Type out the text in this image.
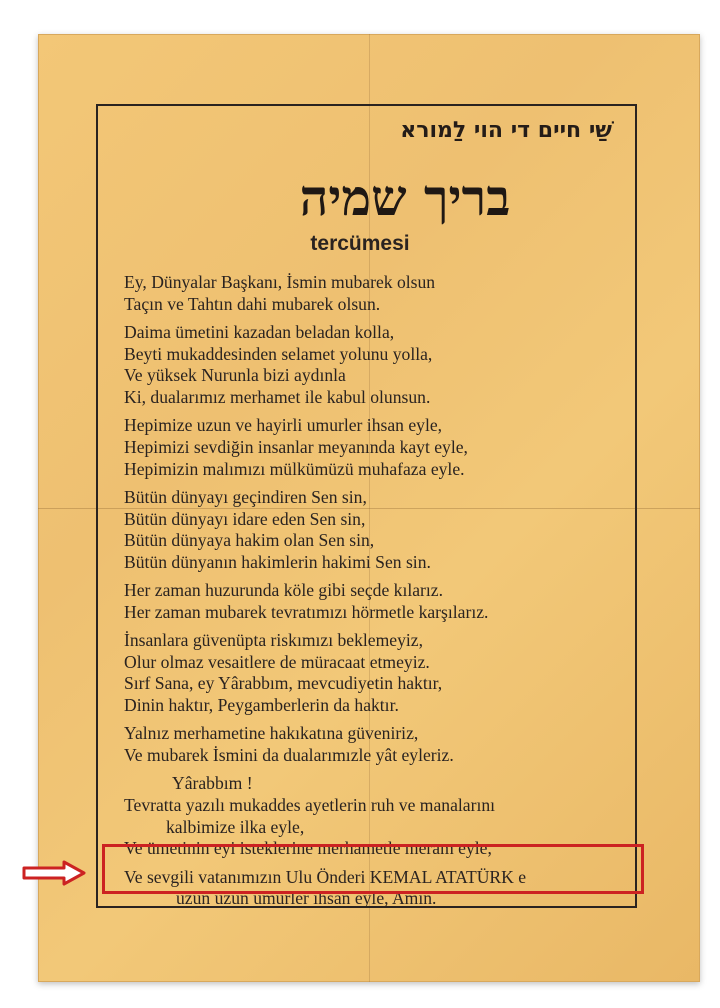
שַׁי חיים די הוי לַמורא
בריך שמיה
tercümesi
Ey, Dünyalar Başkanı, İsmin mubarek olsun
Taçın ve Tahtın dahi mubarek olsun.
Daima ümetini kazadan beladan kolla,
Beyti mukaddesinden selamet yolunu yolla,
Ve yüksek Nurunla bizi aydınla
Ki, dualarımız merhamet ile kabul olunsun.
Hepimize uzun ve hayirli umurler ihsan eyle,
Hepimizi sevdiğin insanlar meyanında kayt eyle,
Hepimizin malımızı mülkümüzü muhafaza eyle.
Bütün dünyayı geçindiren Sen sin,
Bütün dünyayı idare eden Sen sin,
Bütün dünyaya hakim olan Sen sin,
Bütün dünyanın hakimlerin hakimi Sen sin.
Her zaman huzurunda köle gibi seçde kılarız.
Her zaman mubarek tevratımızı hörmetle karşılarız.
İnsanlara güvenüpta riskımızı beklemeyiz,
Olur olmaz vesaitlere de müracaat etmeyiz.
Sırf Sana, ey Yârabbım, mevcudiyetin haktır,
Dinin haktır, Peygamberlerin da haktır.
Yalnız merhametine hakıkatına güveniriz,
Ve mubarek İsmini da dualarımızle yât eyleriz.
Yârabbım !
Tevratta yazılı mukaddes ayetlerin ruh ve manalarını
kalbimize ilka eyle,
Ve ümetinin eyi isteklerine merhametle meram eyle,
Ve sevgili vatanımızın Ulu Önderi KEMAL ATATÜRK e
uzun uzun umurler ihsan eyle, Amin.
